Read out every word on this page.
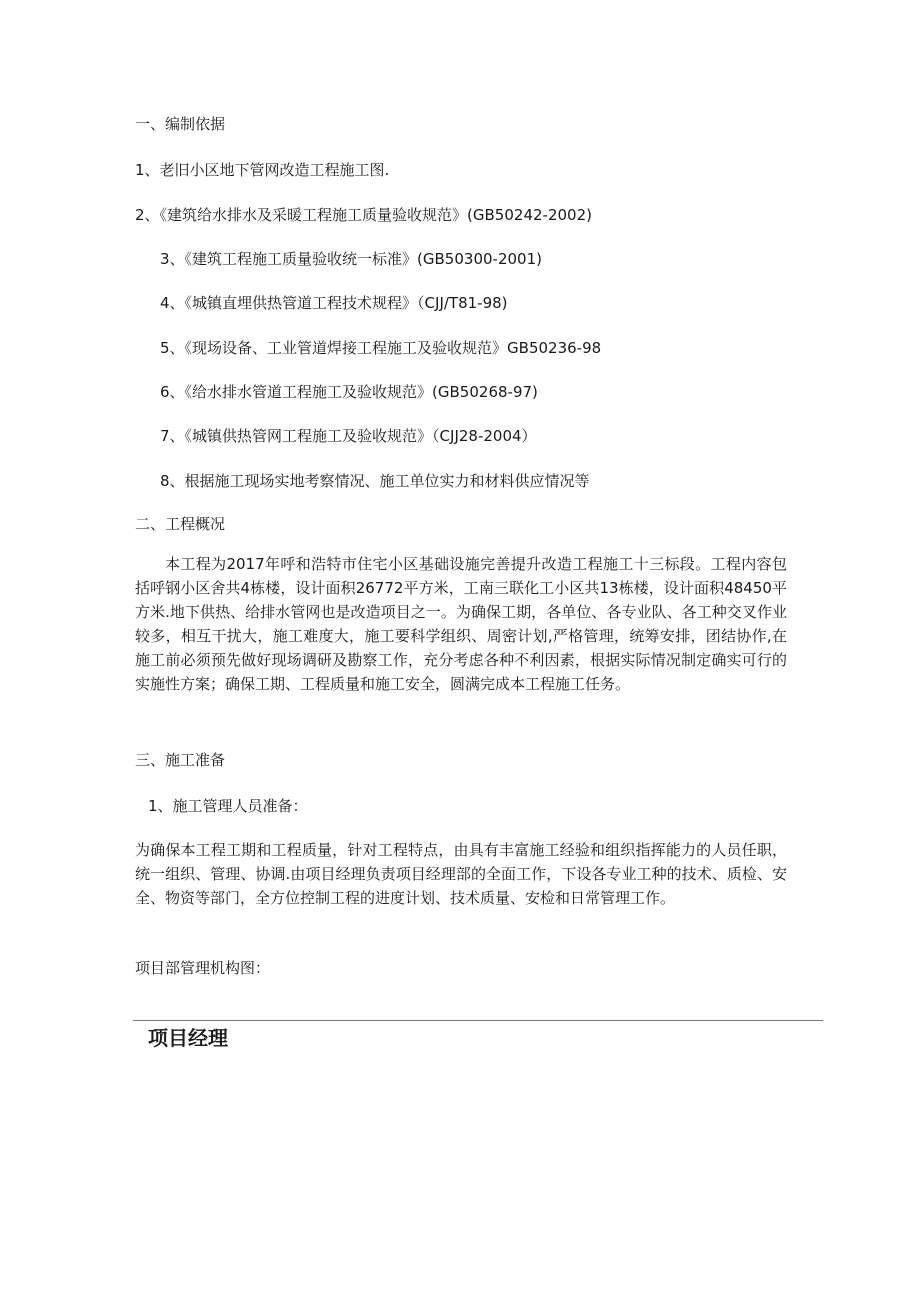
一、编制依据
1、老旧小区地下管网改造工程施工图.
2、《建筑给水排水及采暖工程施工质量验收规范》(GB50242-2002)
3、《建筑工程施工质量验收统一标准》(GB50300-2001)
4、《城镇直埋供热管道工程技术规程》（CJJ/T81-98)
5、《现场设备、工业管道焊接工程施工及验收规范》GB50236-98
6、《给水排水管道工程施工及验收规范》(GB50268-97)
7、《城镇供热管网工程施工及验收规范》（CJJ28-2004）
8、根据施工现场实地考察情况、施工单位实力和材料供应情况等
二、工程概况
本工程为2017年呼和浩特市住宅小区基础设施完善提升改造工程施工十三标段。工程内容包括呼钢小区舍共4栋楼，设计面积26772平方米，工南三联化工小区共13栋楼，设计面积48450平方米.地下供热、给排水管网也是改造项目之一。为确保工期，各单位、各专业队、各工种交叉作业较多，相互干扰大，施工难度大，施工要科学组织、周密计划,严格管理，统筹安排，团结协作,在施工前必须预先做好现场调研及勘察工作，充分考虑各种不利因素，根据实际情况制定确实可行的实施性方案；确保工期、工程质量和施工安全，圆满完成本工程施工任务。
三、施工准备
1、施工管理人员准备：
为确保本工程工期和工程质量，针对工程特点，由具有丰富施工经验和组织指挥能力的人员任职，统一组织、管理、协调.由项目经理负责项目经理部的全面工作，下设各专业工种的技术、质检、安全、物资等部门，全方位控制工程的进度计划、技术质量、安检和日常管理工作。
项目部管理机构图：
项目经理
